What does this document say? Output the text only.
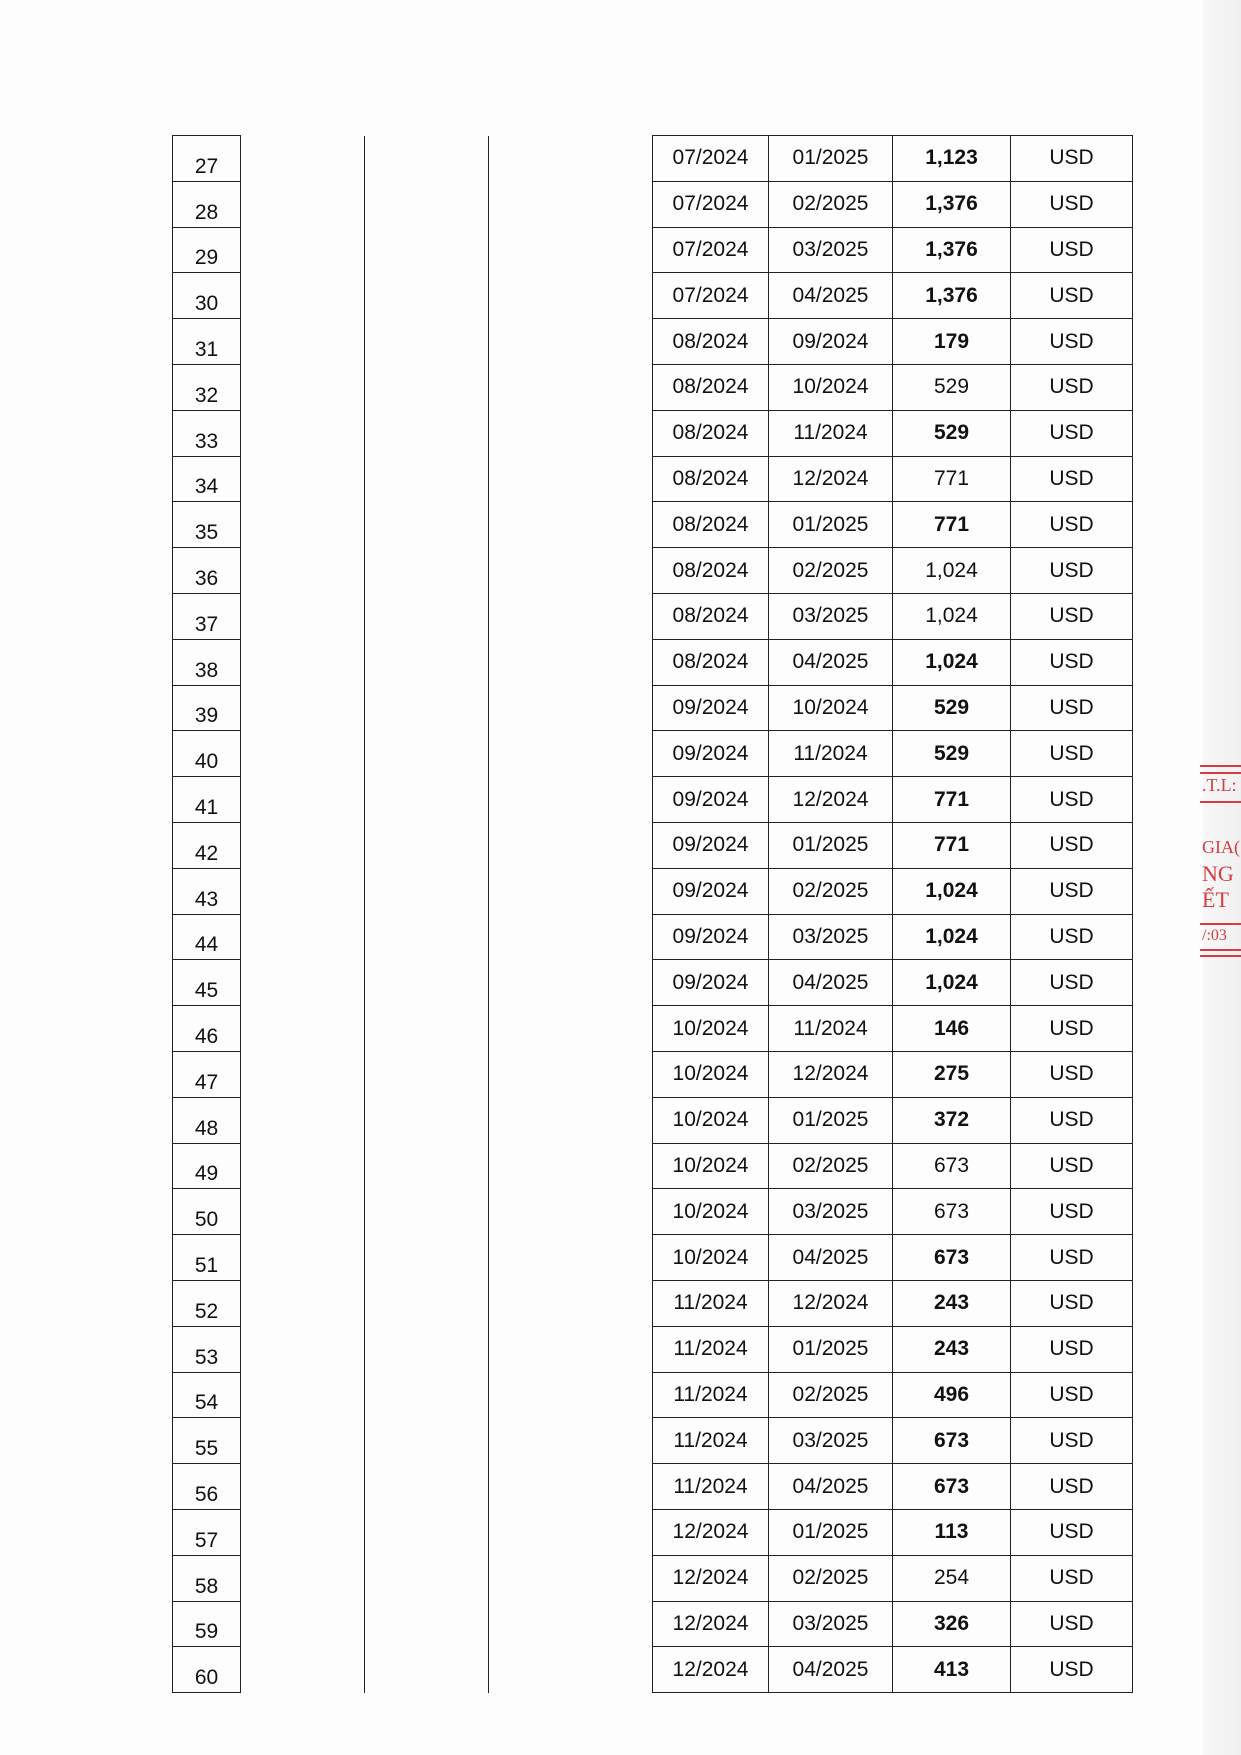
27				07/2024	01/2025	1,123	USD
28				07/2024	02/2025	1,376	USD
29				07/2024	03/2025	1,376	USD
30				07/2024	04/2025	1,376	USD
31				08/2024	09/2024	179	USD
32				08/2024	10/2024	529	USD
33				08/2024	11/2024	529	USD
34				08/2024	12/2024	771	USD
35				08/2024	01/2025	771	USD
36				08/2024	02/2025	1,024	USD
37				08/2024	03/2025	1,024	USD
38				08/2024	04/2025	1,024	USD
39				09/2024	10/2024	529	USD
40				09/2024	11/2024	529	USD
41				09/2024	12/2024	771	USD
42				09/2024	01/2025	771	USD
43				09/2024	02/2025	1,024	USD
44				09/2024	03/2025	1,024	USD
45				09/2024	04/2025	1,024	USD
46				10/2024	11/2024	146	USD
47				10/2024	12/2024	275	USD
48				10/2024	01/2025	372	USD
49				10/2024	02/2025	673	USD
50				10/2024	03/2025	673	USD
51				10/2024	04/2025	673	USD
52				11/2024	12/2024	243	USD
53				11/2024	01/2025	243	USD
54				11/2024	02/2025	496	USD
55				11/2024	03/2025	673	USD
56				11/2024	04/2025	673	USD
57				12/2024	01/2025	113	USD
58				12/2024	02/2025	254	USD
59				12/2024	03/2025	326	USD
60				12/2024	04/2025	413	USD
.T.L:
GIA(
NG
ẾT
/:03
